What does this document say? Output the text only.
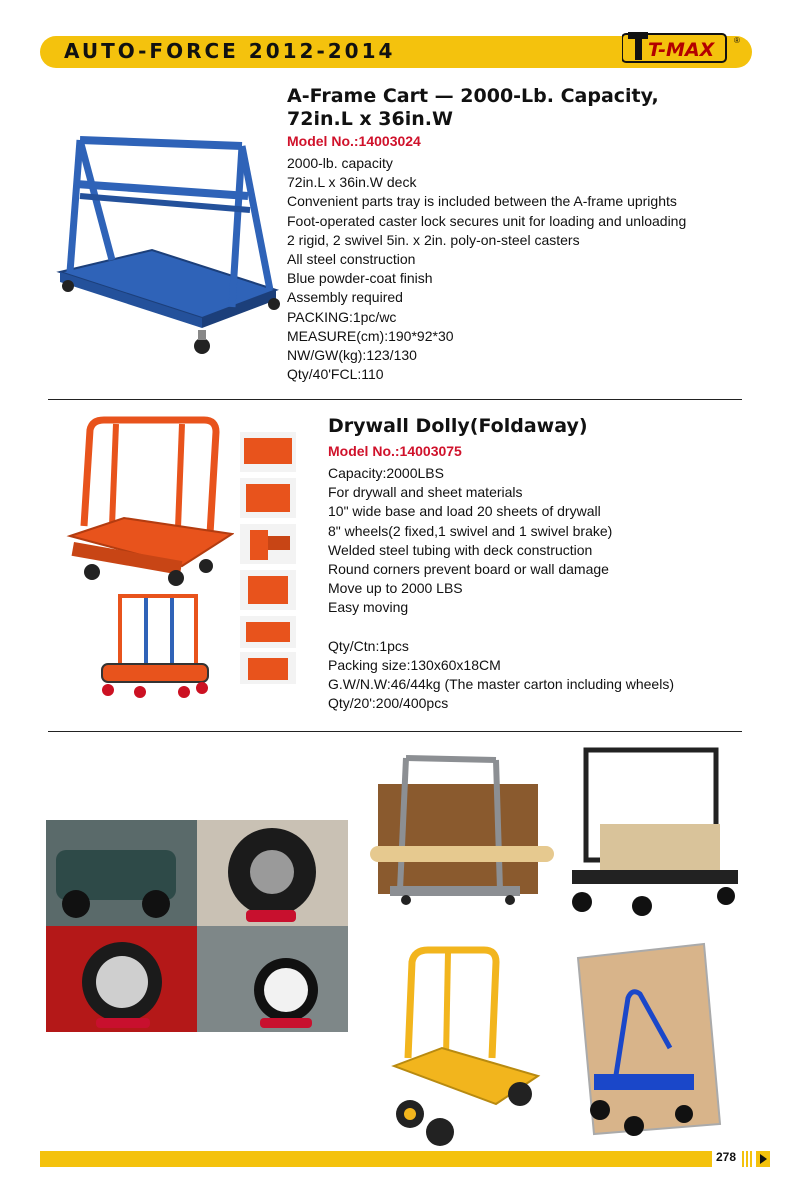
AUTO-FORCE 2012-2014	T-MAX ®
A-Frame Cart — 2000-Lb. Capacity,
72in.L x 36in.W
Model No.:14003024
2000-lb. capacity
72in.L x 36in.W deck
Convenient parts tray is included between the A-frame uprights
Foot-operated caster lock secures unit for loading and unloading
2 rigid, 2 swivel 5in. x 2in. poly-on-steel casters
All steel construction
Blue powder-coat finish
Assembly required
PACKING:1pc/wc
MEASURE(cm):190*92*30
NW/GW(kg):123/130
Qty/40'FCL:110
Drywall Dolly(Foldaway)
Model No.:14003075
Capacity:2000LBS
For drywall and sheet materials
10" wide base and load 20 sheets of drywall
8" wheels(2 fixed,1 swivel and 1 swivel brake)
Welded steel tubing with deck construction
Round corners prevent board or wall damage
Move up to 2000 LBS
Easy moving
Qty/Ctn:1pcs
Packing size:130x60x18CM
G.W/N.W:46/44kg (The master carton including wheels)
Qty/20':200/400pcs
278
